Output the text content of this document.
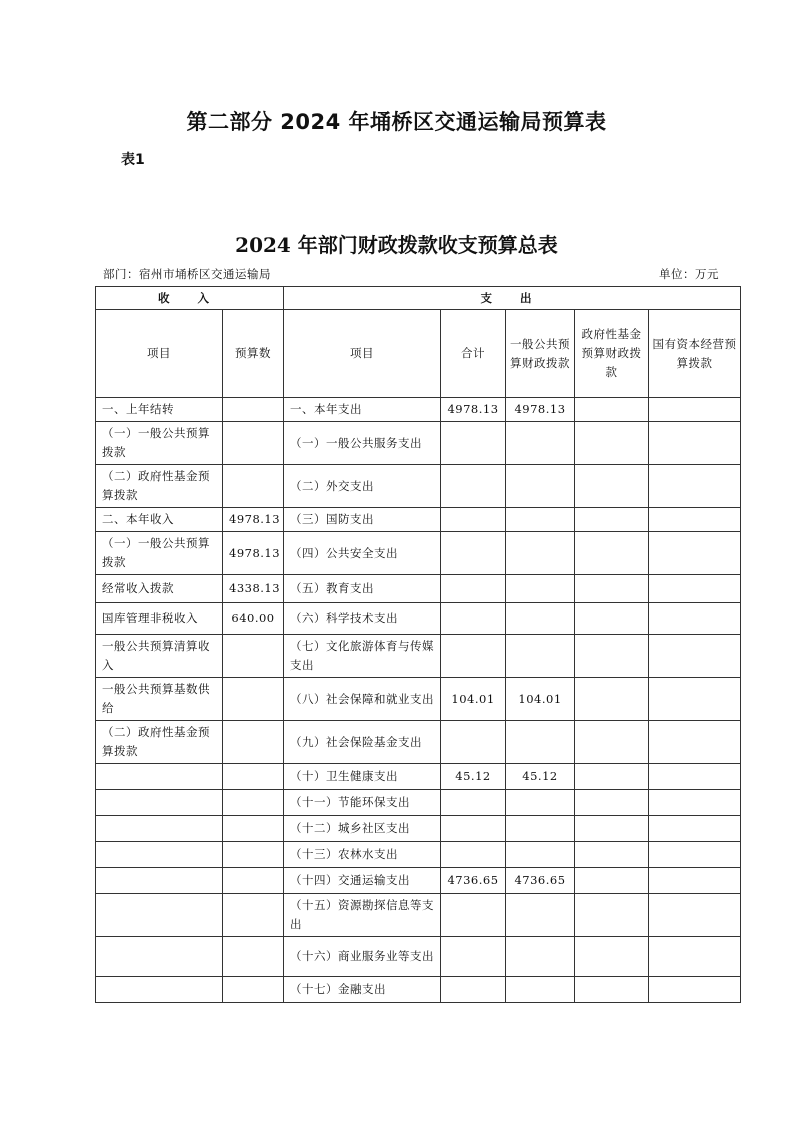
第二部分 2024 年埇桥区交通运输局预算表
表1
2024 年部门财政拨款收支预算总表
部门：宿州市埇桥区交通运输局	单位：万元
收 入		支 出				
项目	预算数	项目	合计	一般公共预算财政拨款	政府性基金预算财政拨款	国有资本经营预算拨款
一、上年结转		一、本年支出	4978.13	4978.13		
（一）一般公共预算拨款		（一）一般公共服务支出				
（二）政府性基金预算拨款		（二）外交支出				
二、本年收入	4978.13	（三）国防支出				
（一）一般公共预算拨款	4978.13	（四）公共安全支出				
经常收入拨款	4338.13	（五）教育支出				
国库管理非税收入	640.00	（六）科学技术支出				
一般公共预算清算收入		（七）文化旅游体育与传媒支出				
一般公共预算基数供给		（八）社会保障和就业支出	104.01	104.01		
（二）政府性基金预算拨款		（九）社会保险基金支出				
		（十）卫生健康支出	45.12	45.12		
		（十一）节能环保支出				
		（十二）城乡社区支出				
		（十三）农林水支出				
		（十四）交通运输支出	4736.65	4736.65		
		（十五）资源勘探信息等支出				
		（十六）商业服务业等支出				
		（十七）金融支出				
